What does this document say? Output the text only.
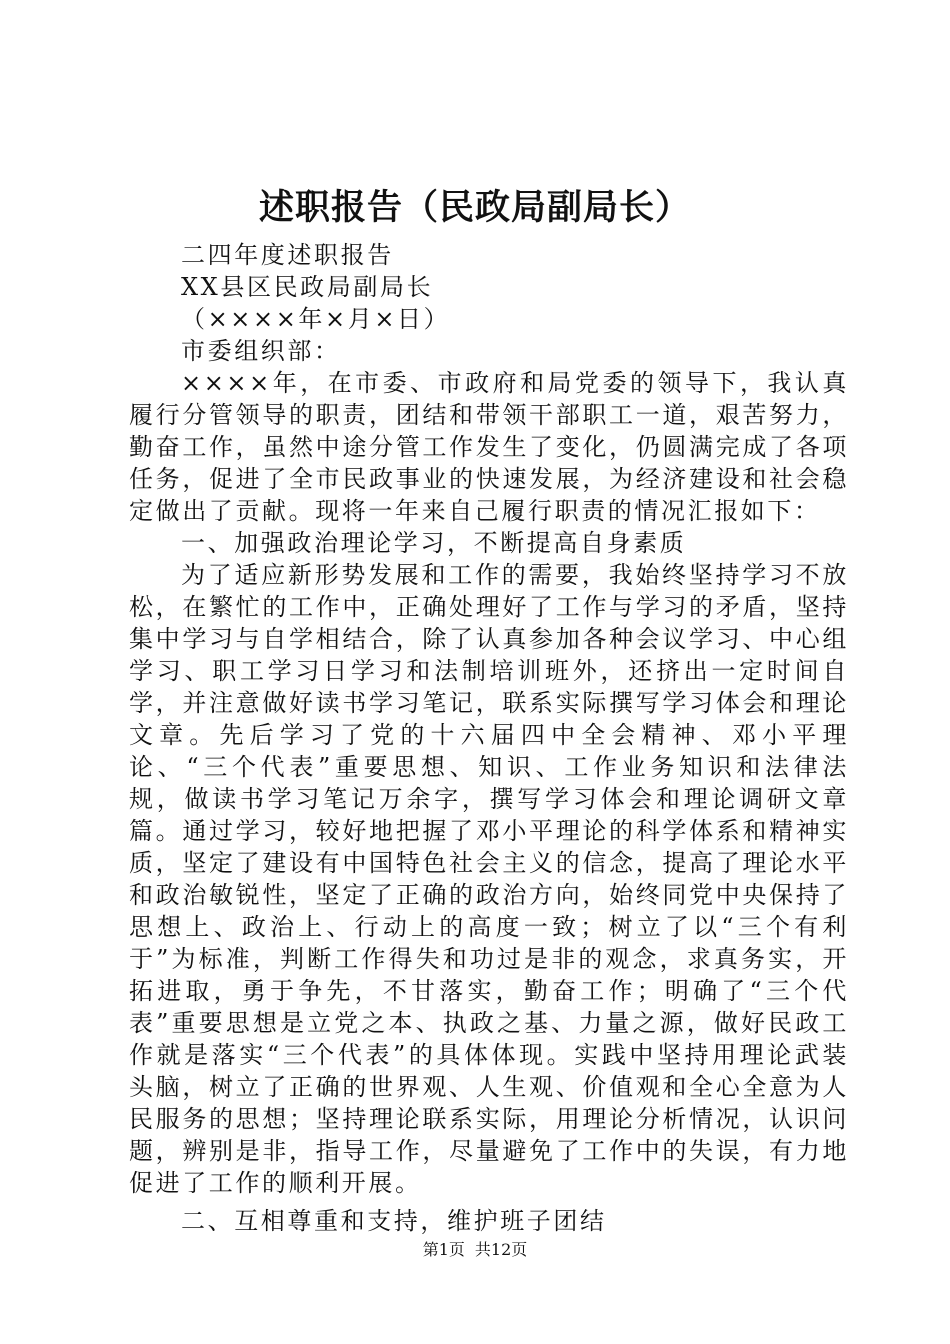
述职报告（民政局副局长）

二四年度述职报告

XX县区民政局副局长

（××××年×月×日）

市委组织部：

××××年，在市委、市政府和局党委的领导下，我认真履行分管领导的职责，团结和带领干部职工一道，艰苦努力，勤奋工作，虽然中途分管工作发生了变化，仍圆满完成了各项任务，促进了全市民政事业的快速发展，为经济建设和社会稳定做出了贡献。现将一年来自己履行职责的情况汇报如下：

一、加强政治理论学习，不断提高自身素质

为了适应新形势发展和工作的需要，我始终坚持学习不放松，在繁忙的工作中，正确处理好了工作与学习的矛盾，坚持集中学习与自学相结合，除了认真参加各种会议学习、中心组学习、职工学习日学习和法制培训班外，还挤出一定时间自学，并注意做好读书学习笔记，联系实际撰写学习体会和理论文章。先后学习了党的十六届四中全会精神、邓小平理论、“三个代表”重要思想、知识、工作业务知识和法律法规，做读书学习笔记万余字，撰写学习体会和理论调研文章篇。通过学习，较好地把握了邓小平理论的科学体系和精神实质，坚定了建设有中国特色社会主义的信念，提高了理论水平和政治敏锐性，坚定了正确的政治方向，始终同党中央保持了思想上、政治上、行动上的高度一致；树立了以“三个有利于”为标准，判断工作得失和功过是非的观念，求真务实，开拓进取，勇于争先，不甘落实，勤奋工作；明确了“三个代表”重要思想是立党之本、执政之基、力量之源，做好民政工作就是落实“三个代表”的具体体现。实践中坚持用理论武装头脑，树立了正确的世界观、人生观、价值观和全心全意为人民服务的思想；坚持理论联系实际，用理论分析情况，认识问题，辨别是非，指导工作，尽量避免了工作中的失误，有力地促进了工作的顺利开展。

二、互相尊重和支持，维护班子团结

第1页 共12页
